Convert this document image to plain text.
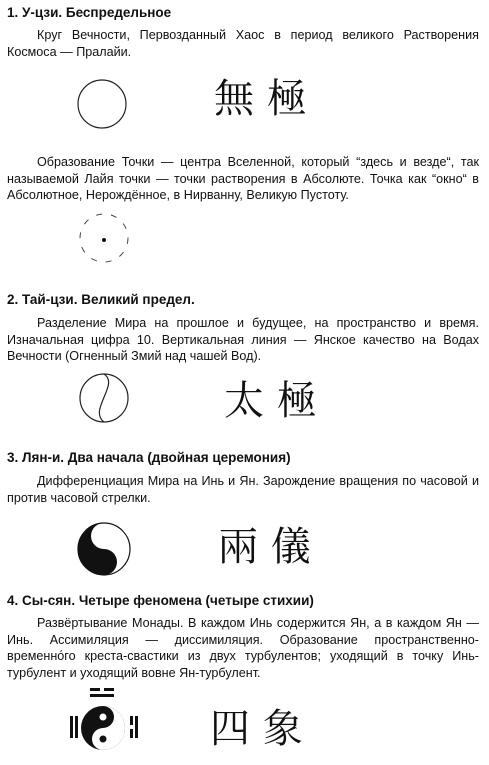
1. У-цзи. Беспредельное
Круг Вечности, Первозданный Хаос в период великого Растворения Космоса — Пралайи.
無 極
Образование Точки — центра Вселенной, который “здесь и везде“, так называемой Лайя точки — точки растворения в Абсолюте. Точка как “окно“ в Абсолютное, Нерождённое, в Нирванну, Великую Пустоту.
2. Тай-цзи. Великий предел.
Разделение Мира на прошлое и будущее, на пространство и время. Изначальная цифра 10. Вертикальная линия — Янское качество на Водах Вечности (Огненный Змий над чашей Вод).
太 極
3. Лян-и. Два начала (двойная церемония)
Дифференциация Мира на Инь и Ян. Зарождение вращения по часовой и против часовой стрелки.
兩 儀
4. Сы-сян. Четыре феномена (четыре стихии)
Развёртывание Монады. В каждом Инь содержится Ян, а в каждом Ян — Инь. Ассимиляция — диссимиляция. Образование пространственно-временно́го креста-свастики из двух турбулентов; уходящий в точку Инь-турбулент и уходящий вовне Ян-турбулент.
四 象
